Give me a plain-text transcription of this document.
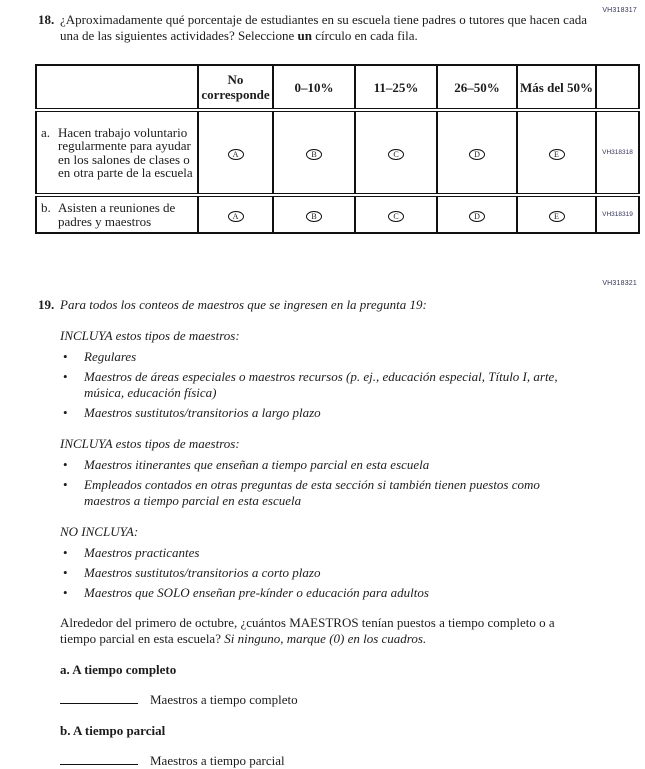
VH318317
18. ¿Aproximadamente qué porcentaje de estudiantes en su escuela tiene padres o tutores que hacen cada una de las siguientes actividades? Seleccione un círculo en cada fila.
	No corresponde	0–10%	11–25%	26–50%	Más del 50%	

a. Hacen trabajo voluntario regularmente para ayudar en los salones de clases o en otra parte de la escuela	A	B	C	D	E	VH318318

b. Asisten a reuniones de padres y maestros	A	B	C	D	E	VH318319
VH318321
19. Para todos los conteos de maestros que se ingresen en la pregunta 19:
INCLUYA estos tipos de maestros:
• Regulares
• Maestros de áreas especiales o maestros recursos (p. ej., educación especial, Título I, arte, música, educación física)
• Maestros sustitutos/transitorios a largo plazo
INCLUYA estos tipos de maestros:
• Maestros itinerantes que enseñan a tiempo parcial en esta escuela
• Empleados contados en otras preguntas de esta sección si también tienen puestos como maestros a tiempo parcial en esta escuela
NO INCLUYA:
• Maestros practicantes
• Maestros sustitutos/transitorios a corto plazo
• Maestros que SOLO enseñan pre-kínder o educación para adultos
Alrededor del primero de octubre, ¿cuántos MAESTROS tenían puestos a tiempo completo o a tiempo parcial en esta escuela? Si ninguno, marque (0) en los cuadros.
a. A tiempo completo
Maestros a tiempo completo
b. A tiempo parcial
Maestros a tiempo parcial
